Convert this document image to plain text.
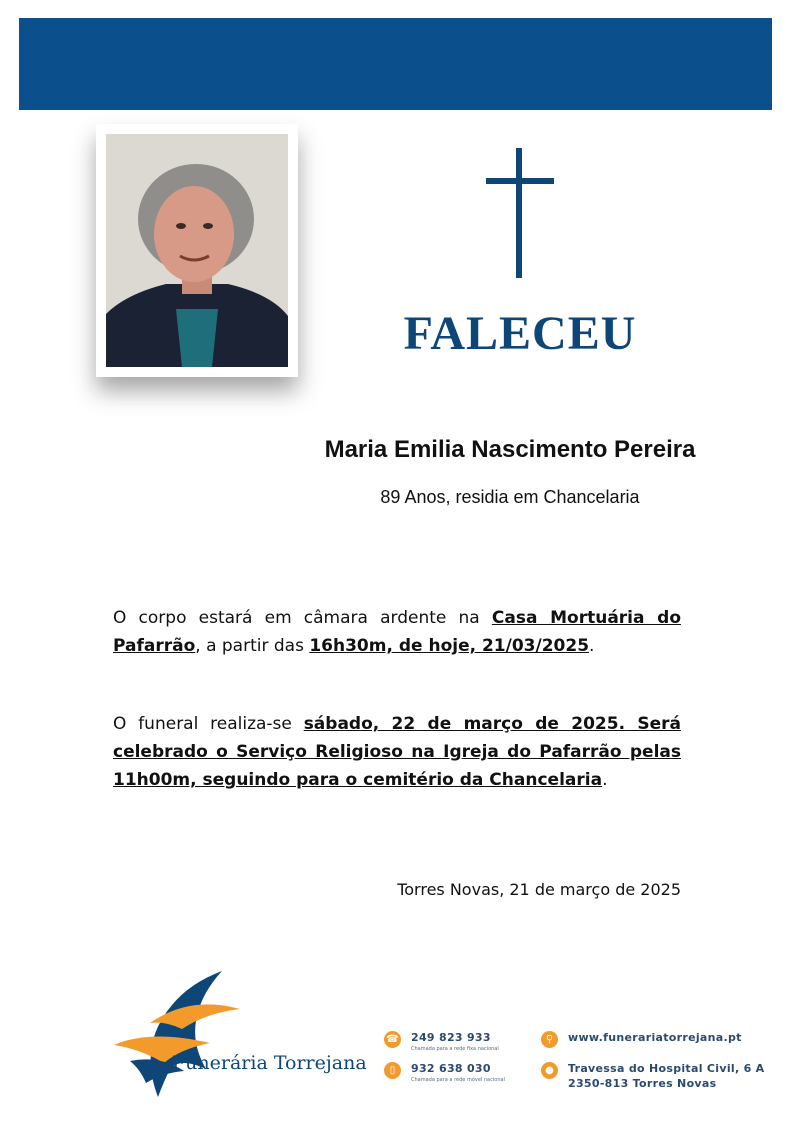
FALECEU
Maria Emilia Nascimento Pereira
89 Anos, residia em Chancelaria
O corpo estará em câmara ardente na Casa Mortuária do Pafarrão, a partir das 16h30m, de hoje, 21/03/2025.
O funeral realiza-se sábado, 22 de março de 2025. Será celebrado o Serviço Religioso na Igreja do Pafarrão pelas 11h00m, seguindo para o cemitério da Chancelaria.
Torres Novas, 21 de março de 2025
Funerária Torrejana
☎ 249 823 933
Chamada para a rede fixa nacional
▯	932 638 030
Chamada para a rede móvel nacional
⚲	www.funerariatorrejana.pt
●	Travessa do Hospital Civil, 6 A
2350-813 Torres Novas
